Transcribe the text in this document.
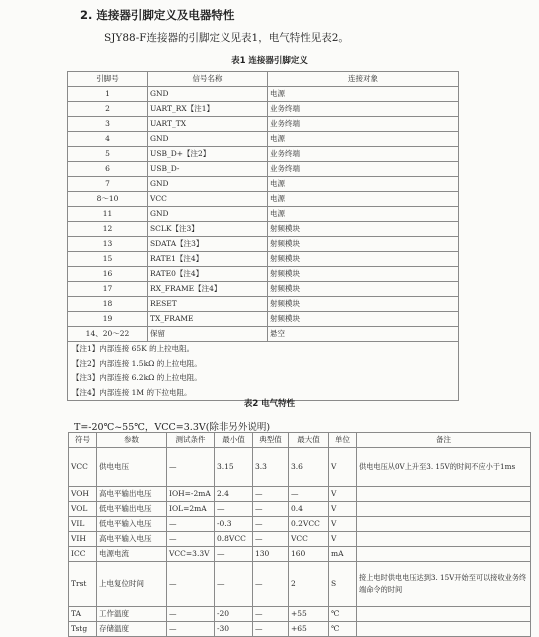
2. 连接器引脚定义及电器特性
SJY88-F连接器的引脚定义见表1，电气特性见表2。
表1 连接器引脚定义
引脚号	信号名称	连接对象
1	GND	电源
2	UART_RX【注1】	业务终端
3	UART_TX	业务终端
4	GND	电源
5	USB_D+【注2】	业务终端
6	USB_D-	业务终端
7	GND	电源
8～10	VCC	电源
11	GND	电源
12	SCLK【注3】	射频模块
13	SDATA【注3】	射频模块
15	RATE1【注4】	射频模块
16	RATE0【注4】	射频模块
17	RX_FRAME【注4】	射频模块
18	RESET	射频模块
19	TX_FRAME	射频模块
14、20～22	保留	悬空

【注1】内部连接 65K 的上拉电阻。
【注2】内部连接 1.5kΩ 的上拉电阻。
【注3】内部连接 6.2kΩ 的上拉电阻。
【注4】内部连接 1M 的下拉电阻。		
表2 电气特性
T=-20℃~55℃，VCC=3.3V(除非另外说明)
符号	参数	测试条件	最小值	典型值	最大值	单位	备注
VCC	供电电压	—	3.15	3.3	3.6	V	供电电压从0V上升至3. 15V的时间不应小于1ms
VOH	高电平输出电压	IOH=-2mA	2.4	—	—	V	
VOL	低电平输出电压	IOL=2mA	—	—	0.4	V	
VIL	低电平输入电压	—	-0.3	—	0.2VCC	V	
VIH	高电平输入电压	—	0.8VCC	—	VCC	V	
ICC	电源电流	VCC=3.3V	—	130	160	mA	
Trst	上电复位时间	—	—	—	2	S	接上电时供电电压达到3. 15V开始至可以接收业务终端命令的时间
TA	工作温度	—	-20	—	+55	℃	
Tstg	存储温度	—	-30	—	+65	℃	
